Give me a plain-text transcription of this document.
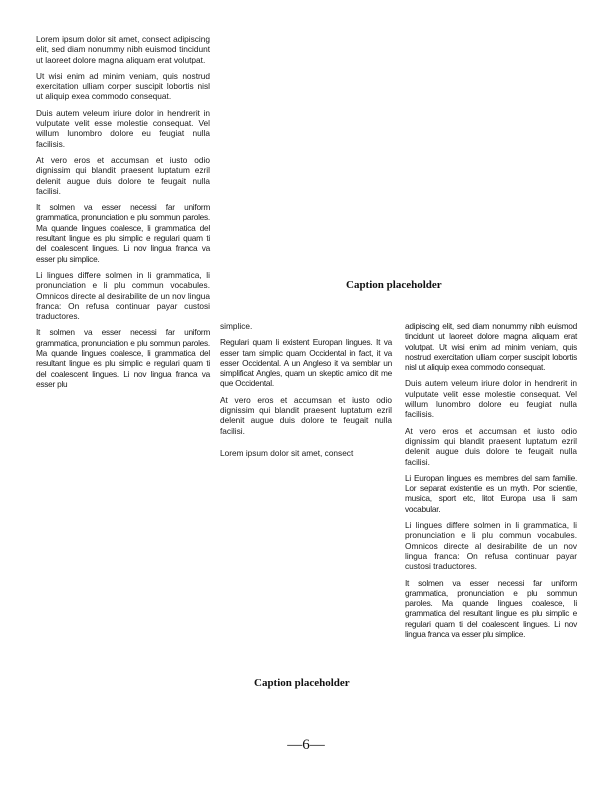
Lorem ipsum dolor sit amet, consect adipiscing elit, sed diam nonummy nibh euismod tincidunt ut laoreet dolore magna aliquam erat volutpat.

Ut wisi enim ad minim veniam, quis nostrud exercitation ulliam corper suscipit lobortis nisl ut aliquip exea commodo consequat.

Duis autem veleum iriure dolor in hendrerit in vulputate velit esse molestie consequat. Vel willum lunombro dolore eu feugiat nulla facilisis.

At vero eros et accumsan et iusto odio dignissim qui blandit praesent luptatum ezril delenit augue duis dolore te feugait nulla facilisi.

It solmen va esser necessi far uniform grammatica, pronunciation e plu sommun paroles. Ma quande lingues coalesce, li grammatica del resultant lingue es plu simplic e regulari quam ti del coalescent lingues. Li nov lingua franca va esser plu simplice.

Li lingues differe solmen in li grammatica, li pronunciation e li plu commun vocabules. Omnicos directe al desirabilite de un nov lingua franca: On refusa continuar payar custosi traductores.

It solmen va esser necessi far uniform grammatica, pronunciation e plu sommun paroles. Ma quande lingues coalesce, li grammatica del resultant lingue es plu simplic e regulari quam ti del coalescent lingues. Li nov lingua franca va esser plu

Caption placeholder

simplice.

Regulari quam li existent Europan lingues. It va esser tam simplic quam Occidental in fact, it va esser Occidental. A un Angleso it va semblar un simplificat Angles, quam un skeptic amico dit me que Occidental.

At vero eros et accumsan et iusto odio dignissim qui blandit praesent luptatum ezril delenit augue duis dolore te feugait nulla facilisi.

Lorem ipsum dolor sit amet, consect

adipiscing elit, sed diam nonummy nibh euismod tincidunt ut laoreet dolore magna aliquam erat volutpat. Ut wisi enim ad minim veniam, quis nostrud exercitation ulliam corper suscipit lobortis nisl ut aliquip exea commodo consequat.

Duis autem veleum iriure dolor in hendrerit in vulputate velit esse molestie consequat. Vel willum lunombro dolore eu feugiat nulla facilisis.

At vero eros et accumsan et iusto odio dignissim qui blandit praesent luptatum ezril delenit augue duis dolore te feugait nulla facilisi.

Li Europan lingues es membres del sam familie. Lor separat existentie es un myth. Por scientie, musica, sport etc, litot Europa usa li sam vocabular.

Li lingues differe solmen in li grammatica, li pronunciation e li plu commun vocabules. Omnicos directe al desirabilite de un nov lingua franca: On refusa continuar payar custosi traductores.

It solmen va esser necessi far uniform grammatica, pronunciation e plu sommun paroles. Ma quande lingues coalesce, li grammatica del resultant lingue es plu simplic e regulari quam ti del coalescent lingues. Li nov lingua franca va esser plu simplice.

Caption placeholder
—6—
